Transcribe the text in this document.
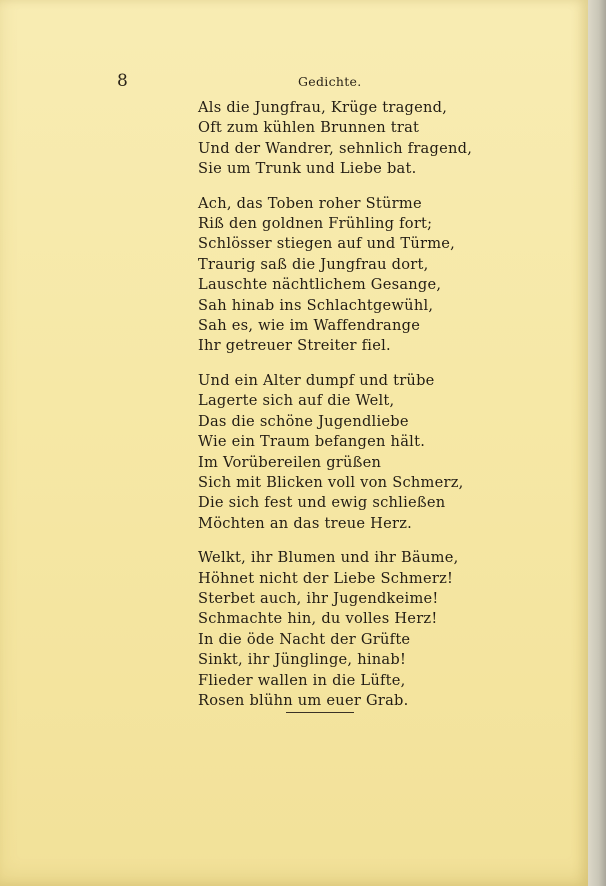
8	Gedichte.
Als die Jungfrau, Krüge tragend,
Oft zum kühlen Brunnen trat
Und der Wandrer, sehnlich fragend,
Sie um Trunk und Liebe bat.
Ach, das Toben roher Stürme
Riß den goldnen Frühling fort;
Schlösser stiegen auf und Türme,
Traurig saß die Jungfrau dort,
Lauschte nächtlichem Gesange,
Sah hinab ins Schlachtgewühl,
Sah es, wie im Waffendrange
Ihr getreuer Streiter fiel.
Und ein Alter dumpf und trübe
Lagerte sich auf die Welt,
Das die schöne Jugendliebe
Wie ein Traum befangen hält.
Im Vorübereilen grüßen
Sich mit Blicken voll von Schmerz,
Die sich fest und ewig schließen
Möchten an das treue Herz.
Welkt, ihr Blumen und ihr Bäume,
Höhnet nicht der Liebe Schmerz!
Sterbet auch, ihr Jugendkeime!
Schmachte hin, du volles Herz!
In die öde Nacht der Grüfte
Sinkt, ihr Jünglinge, hinab!
Flieder wallen in die Lüfte,
Rosen blühn um euer Grab.
